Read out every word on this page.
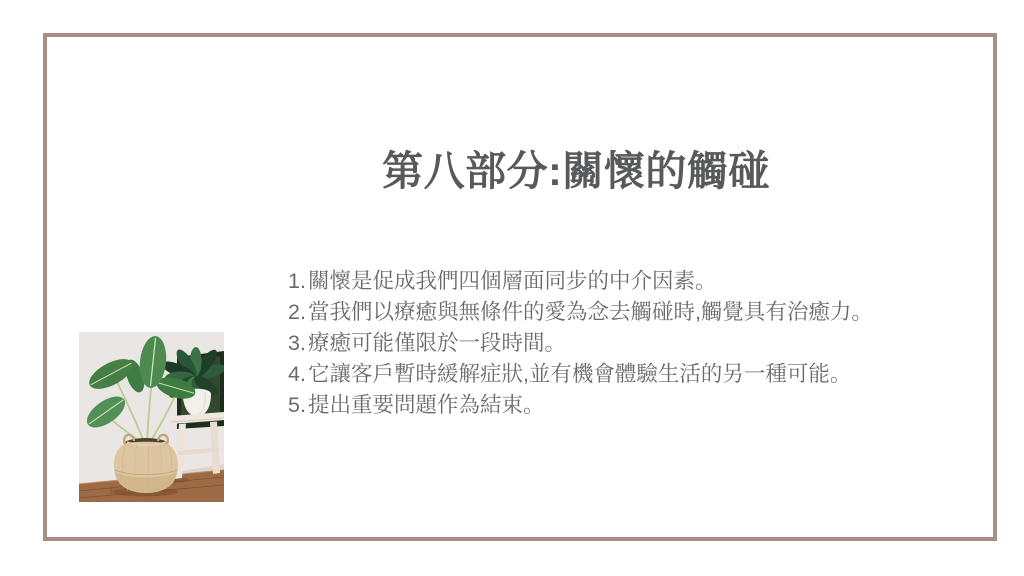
第八部分:關懷的觸碰
1. 關懷是促成我們四個層面同步的中介因素。
2. 當我們以療癒與無條件的愛為念去觸碰時,觸覺具有治癒力。
3. 療癒可能僅限於一段時間。
4. 它讓客戶暫時緩解症狀,並有機會體驗生活的另一種可能。
5. 提出重要問題作為結束。
